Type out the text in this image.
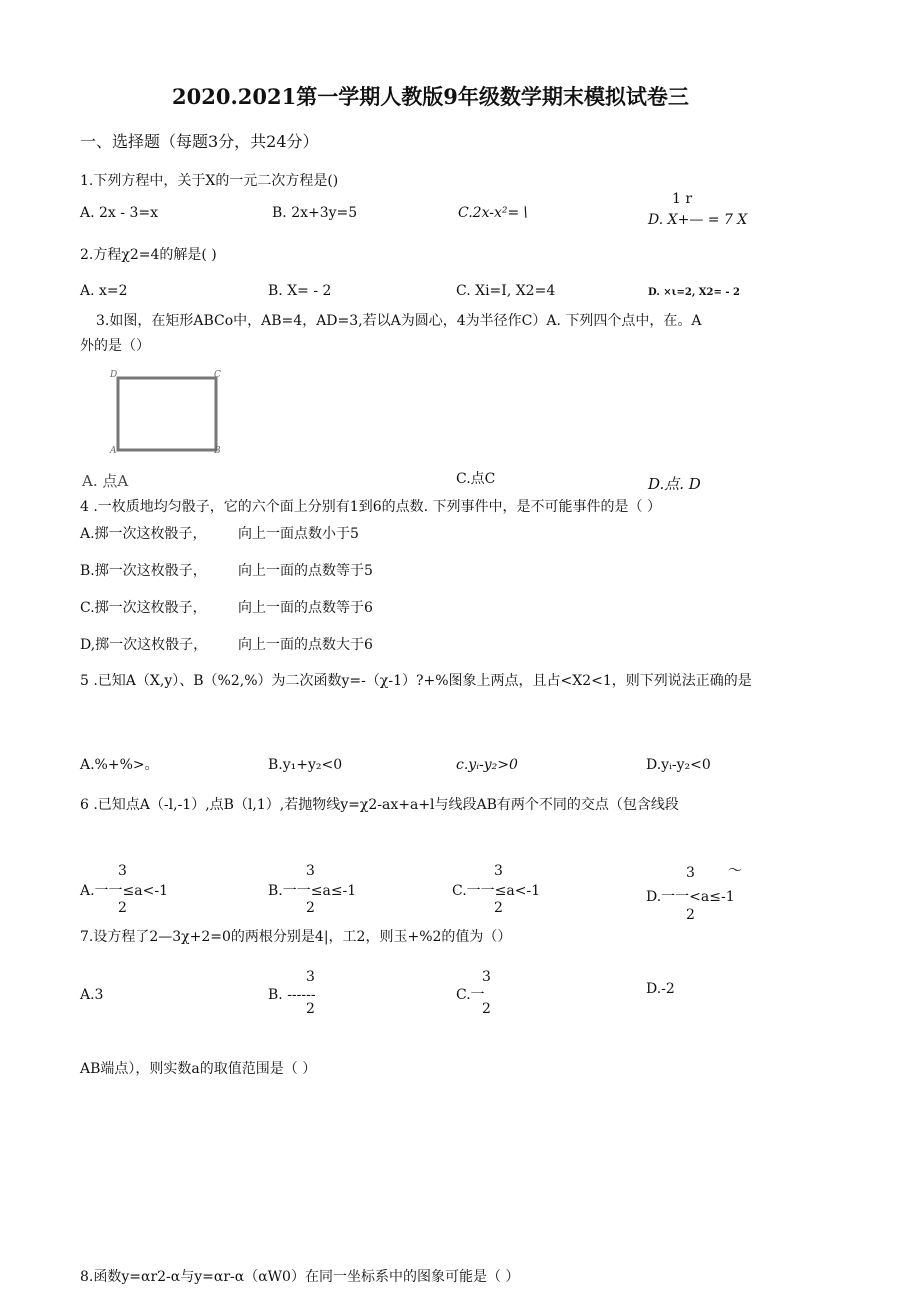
2020.2021第一学期人教版9年级数学期末模拟试卷三
一、选择题（每题3分，共24分）
1.下列方程中，关于X的一元二次方程是()
A. 2x - 3=x	B. 2x+3y=5	C.2x-x²=∖
1 r
D. X+— = 7 X
2.方程χ2=4的解是( )
A. x=2	B. X= - 2	C. Xi=I, X2=4	D. ×ι=2, X2= - 2
3.如图，在矩形ABCo中，AB=4，AD=3,若以A为圆心，4为半径作C）A. 下列四个点中，在。A
外的是（）
D	C
A	B
A. 点A	C.点C	D.点. D
4 .一枚质地均匀骰子，它的六个面上分别有1到6的点数. 下列事件中，是不可能事件的是（ ）
A.掷一次这枚骰子， 向上一面点数小于5
B.掷一次这枚骰子， 向上一面的点数等于5
C.掷一次这枚骰子， 向上一面的点数等于6
D,掷一次这枚骰子， 向上一面的点数大于6
5 .已知A（X,y）、B（%2,%）为二次函数y=-（χ-1）?+%图象上两点，且占<X2<1，则下列说法正确的是
A.%+%>。	B.y₁+y₂<0	c.yᵢ-y₂>0	D.yᵢ-y₂<0
6 .已知点A（-l,-1）,点B（l,1）,若抛物线y=χ2-ax+a+l与线段AB有两个不同的交点（包含线段
3
A.一一≤a<-1
2
3
B.一一≤a≤-1
2
3
C.一一≤a<-1
2
3 ～
D.一一<a≤-1
2
7.设方程了2—3χ+2=0的两根分别是4|，工2，则玉+%2的值为（）
A.3
3
B. ------
2
3
C.一
2
D.-2
AB端点），则实数a的取值范围是（ ）
8.函数y=αr2-α与y=αr-α（αW0）在同一坐标系中的图象可能是（ ）
